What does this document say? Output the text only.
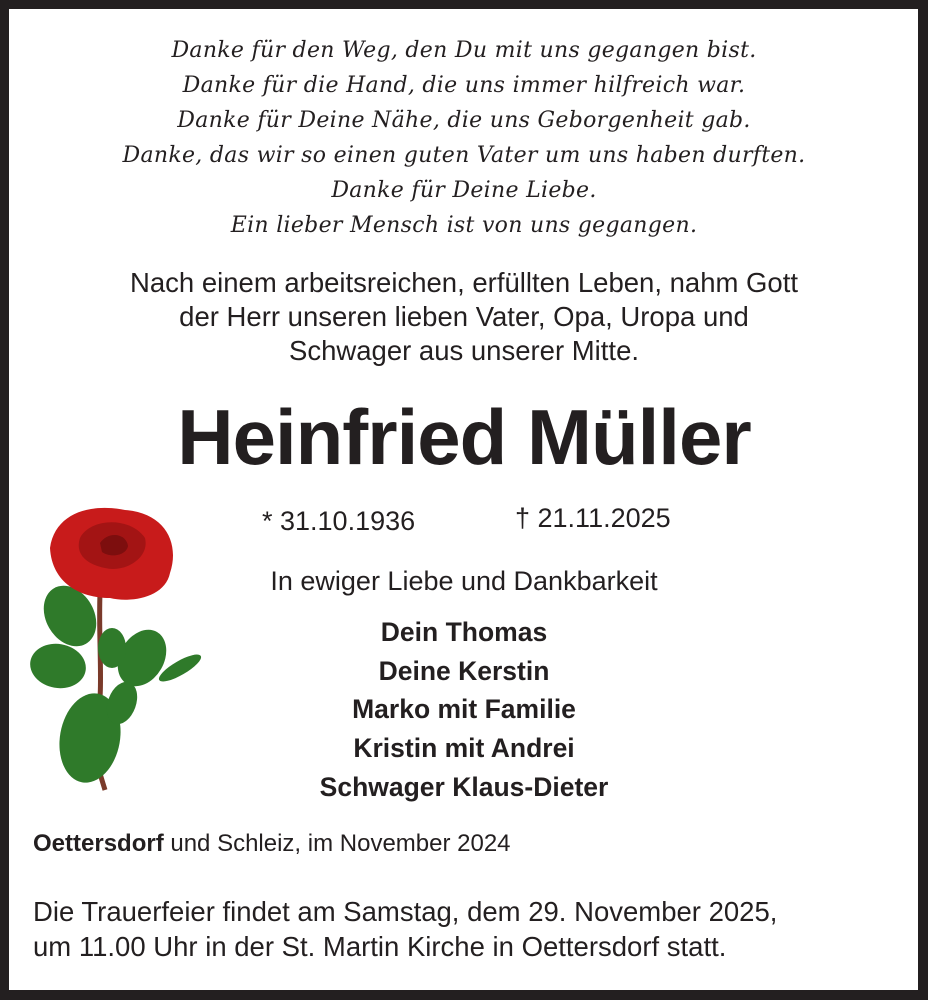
Danke für den Weg, den Du mit uns gegangen bist.
Danke für die Hand, die uns immer hilfreich war.
Danke für Deine Nähe, die uns Geborgenheit gab.
Danke, das wir so einen guten Vater um uns haben durften.
Danke für Deine Liebe.
Ein lieber Mensch ist von uns gegangen.
Nach einem arbeitsreichen, erfüllten Leben, nahm Gott
der Herr unseren lieben Vater, Opa, Uropa und
Schwager aus unserer Mitte.
Heinfried Müller
* 31.10.1936	† 21.11.2025
In ewiger Liebe und Dankbarkeit
Dein Thomas
Deine Kerstin
Marko mit Familie
Kristin mit Andrei
Schwager Klaus-Dieter
Oettersdorf und Schleiz, im November 2024
Die Trauerfeier findet am Samstag, dem 29. November 2025,
um 11.00 Uhr in der St. Martin Kirche in Oettersdorf statt.
